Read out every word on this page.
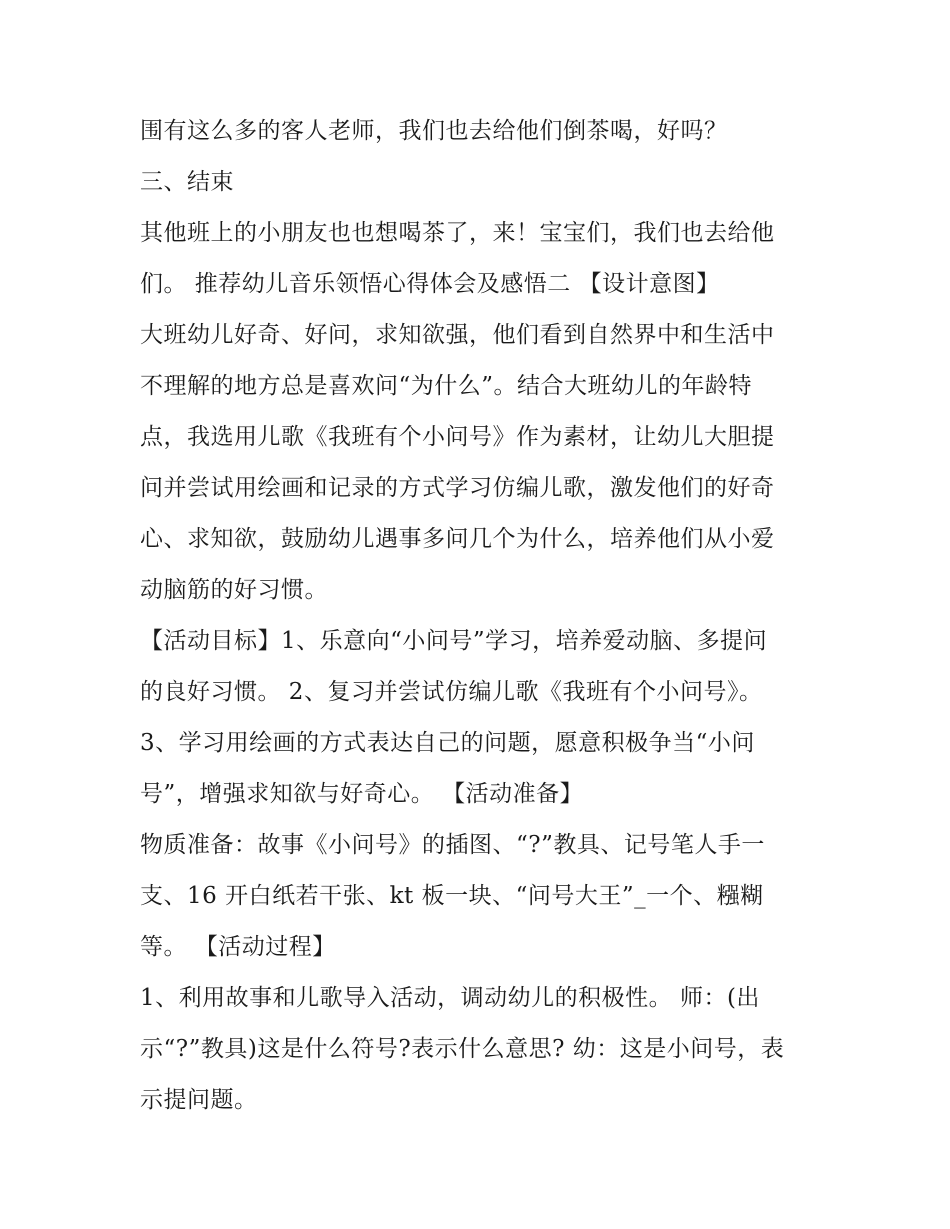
围有这么多的客人老师，我们也去给他们倒茶喝，好吗？
三、结束
其他班上的小朋友也也想喝茶了，来！宝宝们，我们也去给他
们。 推荐幼儿音乐领悟心得体会及感悟二 【设计意图】
大班幼儿好奇、好问，求知欲强，他们看到自然界中和生活中
不理解的地方总是喜欢问“为什么”。结合大班幼儿的年龄特
点，我选用儿歌《我班有个小问号》作为素材，让幼儿大胆提
问并尝试用绘画和记录的方式学习仿编儿歌，激发他们的好奇
心、求知欲，鼓励幼儿遇事多问几个为什么，培养他们从小爱
动脑筋的好习惯。
【活动目标】1、乐意向“小问号”学习，培养爱动脑、多提问
的良好习惯。 2、复习并尝试仿编儿歌《我班有个小问号》。
3、学习用绘画的方式表达自己的问题，愿意积极争当“小问
号”，增强求知欲与好奇心。 【活动准备】
物质准备：故事《小问号》的插图、“?”教具、记号笔人手一
支、16 开白纸若干张、kt 板一块、“问号大王”_一个、糨糊
等。 【活动过程】
1、利用故事和儿歌导入活动，调动幼儿的积极性。 师：(出
示“?”教具)这是什么符号?表示什么意思? 幼：这是小问号，表
示提问题。
